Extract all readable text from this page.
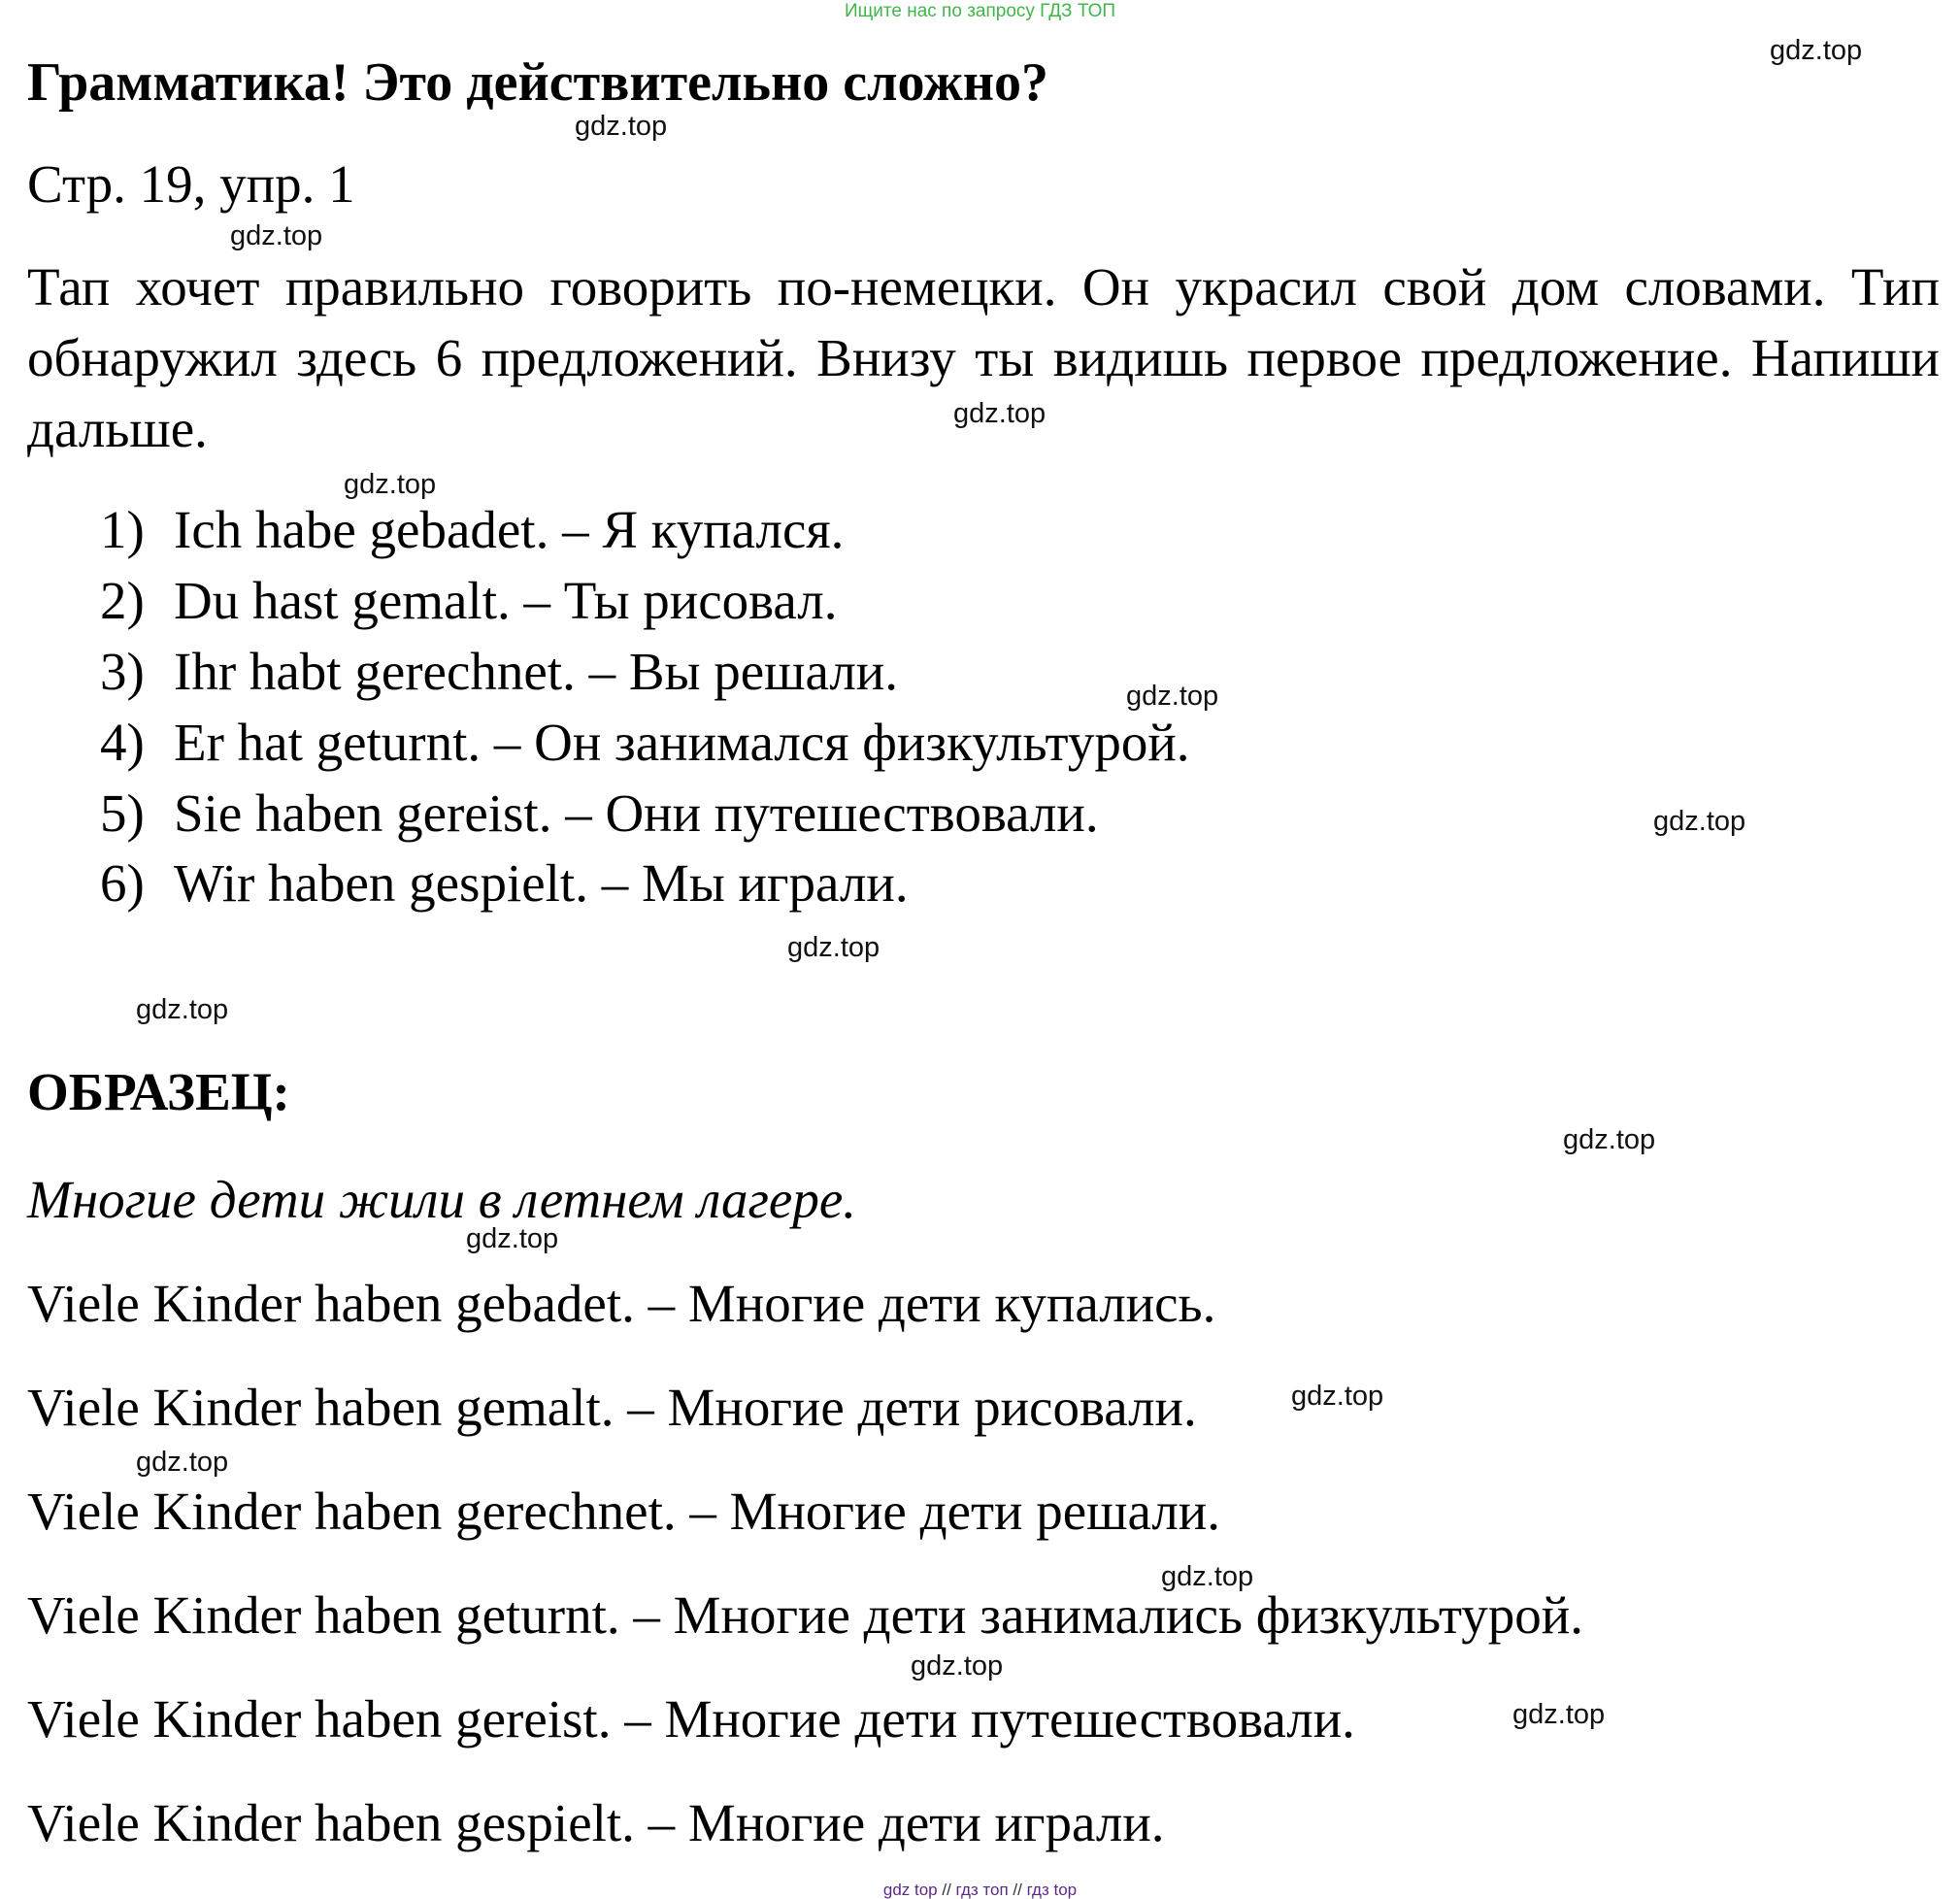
Ищите нас по запросу ГДЗ ТОП
Грамматика! Это действительно сложно?
Стр. 19, упр. 1
Тап хочет правильно говорить по-немецки. Он украсил свой дом словами. Тип обнаружил здесь 6 предложений. Внизу ты видишь первое предложение. Напиши дальше.
1) Ich habe gebadet. – Я купался.
2) Du hast gemalt. – Ты рисовал.
3) Ihr habt gerechnet. – Вы решали.
4) Er hat geturnt. – Он занимался физкультурой.
5) Sie haben gereist. – Они путешествовали.
6) Wir haben gespielt. – Мы играли.
ОБРАЗЕЦ:
Многие дети жили в летнем лагере.
Viele Kinder haben gebadet. – Многие дети купались.
Viele Kinder haben gemalt. – Многие дети рисовали.
Viele Kinder haben gerechnet. – Многие дети решали.
Viele Kinder haben geturnt. – Многие дети занимались физкультурой.
Viele Kinder haben gereist. – Многие дети путешествовали.
Viele Kinder haben gespielt. – Многие дети играли.
gdz.top
gdz.top
gdz.top
gdz.top
gdz.top
gdz.top
gdz.top
gdz.top
gdz.top
gdz.top
gdz.top
gdz.top
gdz.top
gdz.top
gdz.top
gdz.top
gdz top // гдз топ // гдз top
